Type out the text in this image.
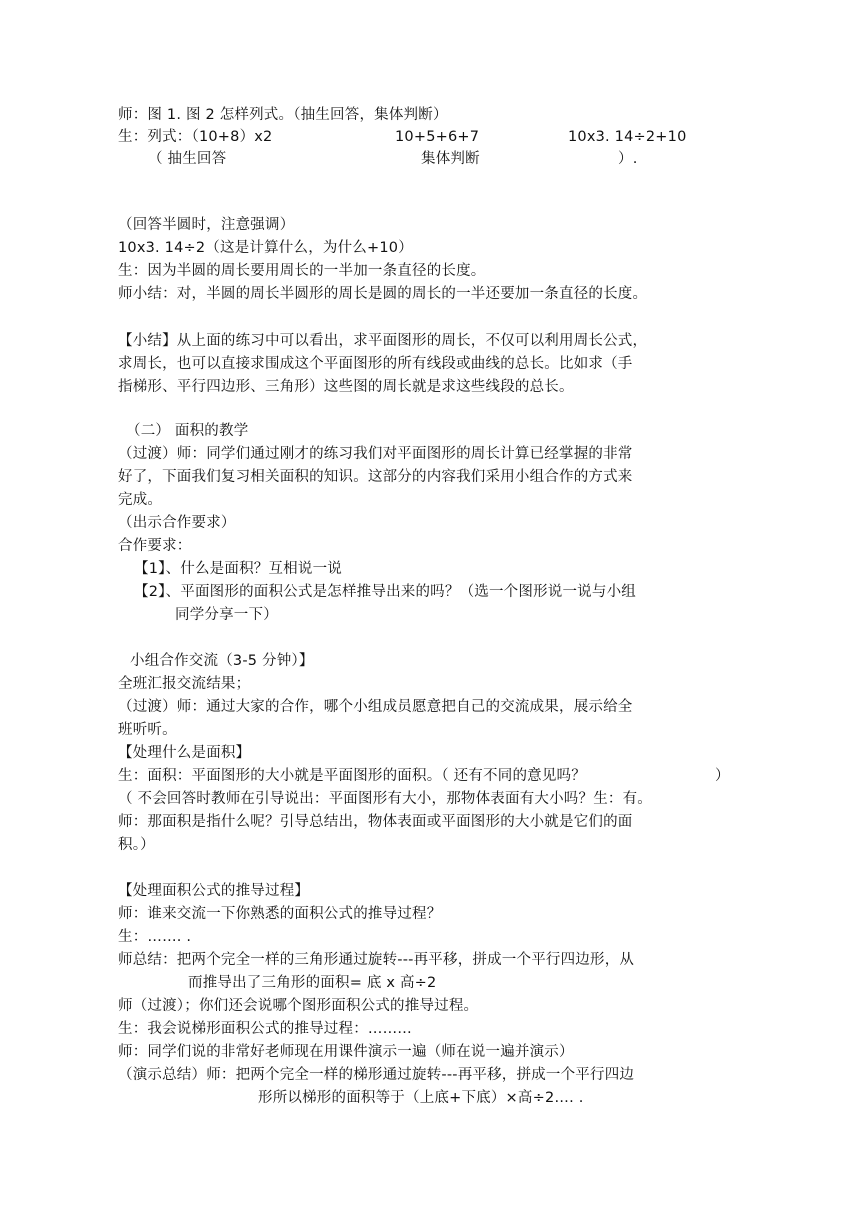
师：图 1. 图 2 怎样列式。（抽生回答，集体判断）
生：列式：（10+8）x2	10+5+6+7	10x3. 14÷2+10
（ 抽生回答	集体判断	）.
（回答半圆时，注意强调）
10x3. 14÷2（这是计算什么，为什么+10）
生：因为半圆的周长要用周长的一半加一条直径的长度。
师小结：对，半圆的周长半圆形的周长是圆的周长的一半还要加一条直径的长度。
【小结】从上面的练习中可以看出，求平面图形的周长，不仅可以利用周长公式，
求周长，也可以直接求围成这个平面图形的所有线段或曲线的总长。比如求（手
指梯形、平行四边形、三角形）这些图的周长就是求这些线段的总长。
（二） 面积的教学
（过渡）师：同学们通过刚才的练习我们对平面图形的周长计算已经掌握的非常
好了，下面我们复习相关面积的知识。这部分的内容我们采用小组合作的方式来
完成。
（出示合作要求）
合作要求：
【1】、什么是面积？互相说一说
【2】、平面图形的面积公式是怎样推导出来的吗？（选一个图形说一说与小组
同学分享一下）
小组合作交流（3-5 分钟）】
全班汇报交流结果；
（过渡）师：通过大家的合作，哪个小组成员愿意把自己的交流成果，展示给全
班听听。
【处理什么是面积】
生：面积：平面图形的大小就是平面图形的面积。（ 还有不同的意见吗？	）
（ 不会回答时教师在引导说出：平面图形有大小，那物体表面有大小吗？生：有。
师：那面积是指什么呢？引导总结出，物体表面或平面图形的大小就是它们的面
积。）
【处理面积公式的推导过程】
师：谁来交流一下你熟悉的面积公式的推导过程？
生：……. .
师总结：把两个完全一样的三角形通过旋转---再平移，拼成一个平行四边形，从
而推导出了三角形的面积= 底 x 高÷2
师（过渡）；你们还会说哪个图形面积公式的推导过程。
生：我会说梯形面积公式的推导过程：………
师：同学们说的非常好老师现在用课件演示一遍（师在说一遍并演示）
（演示总结）师：把两个完全一样的梯形通过旋转---再平移，拼成一个平行四边
形所以梯形的面积等于（上底+下底）×高÷2…. .
